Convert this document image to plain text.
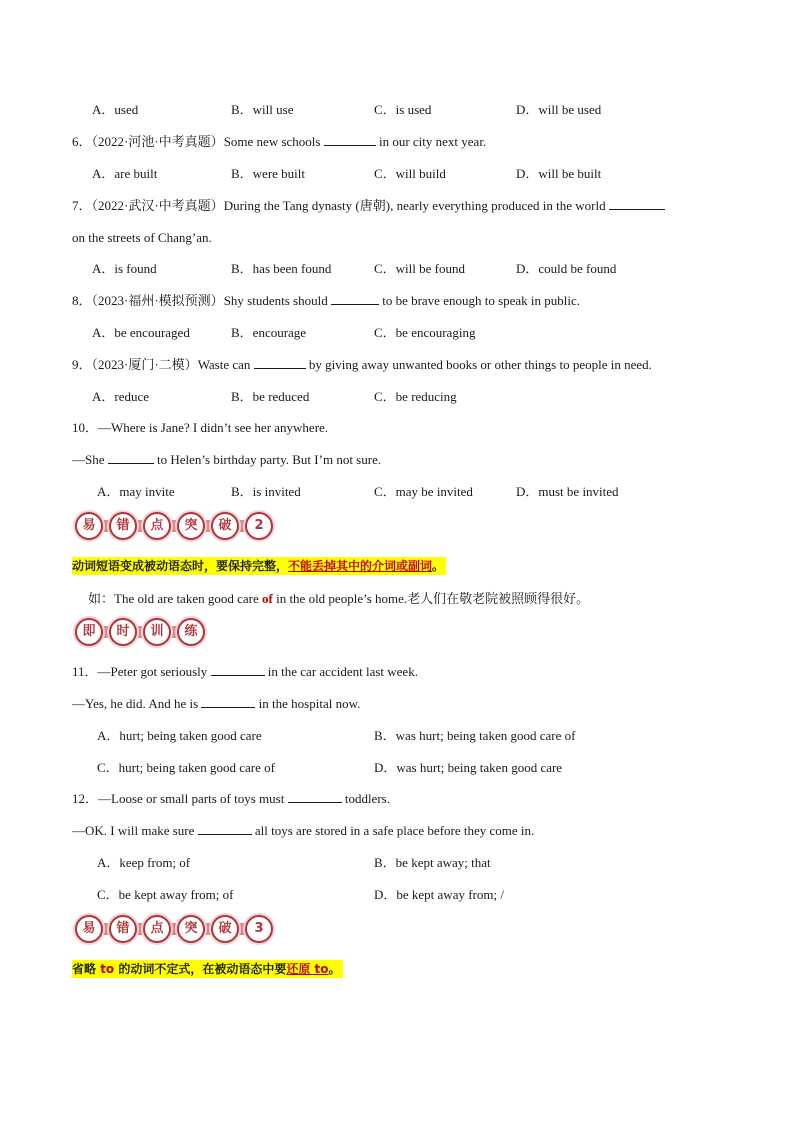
A．used	B．will use	C．is used	D．will be used
6．（2022·河池·中考真题）Some new schools	in our city next year.
A．are built	B．were built	C．will build	D．will be built
7．（2022·武汉·中考真题）During the Tang dynasty (唐朝), nearly everything produced in the world
on the streets of Chang’an.
A．is found	B．has been found	C．will be found	D．could be found
8．（2023·福州·模拟预测）Shy students should	to be brave enough to speak in public.
A．be encouraged	B．encourage	C．be encouraging
9．（2023·厦门·二模）Waste can	by giving away unwanted books or other things to people in need.
A．reduce	B．be reduced	C．be reducing
10．—Where is Jane? I didn’t see her anywhere.
—She	to Helen’s birthday party. But I’m not sure.
A．may invite	B．is invited	C．may be invited	D．must be invited
易	错	点	突	破	2
动词短语变成被动语态时，要保持完整，不能丢掉其中的介词或副词。
如：The old are taken good care of in the old people’s home.老人们在敬老院被照顾得很好。
即	时	训	练
11．—Peter got seriously	in the car accident last week.
—Yes, he did. And he is	in the hospital now.
A．hurt; being taken good care	B．was hurt; being taken good care of
C．hurt; being taken good care of	D．was hurt; being taken good care
12．—Loose or small parts of toys must	toddlers.
—OK. I will make sure	all toys are stored in a safe place before they come in.
A．keep from; of	B．be kept away; that
C．be kept away from; of	D．be kept away from; /
易	错	点	突	破	3
省略 to 的动词不定式，在被动语态中要还原 to。
